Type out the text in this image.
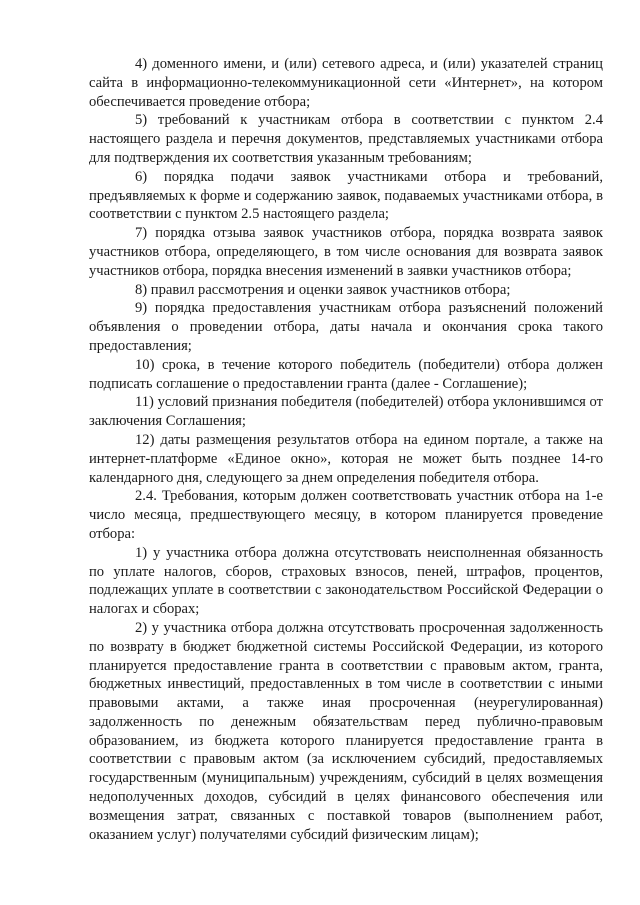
4) доменного имени, и (или) сетевого адреса, и (или) указателей страниц сайта в информационно-телекоммуникационной сети «Интернет», на котором обеспечивается проведение отбора;

5) требований к участникам отбора в соответствии с пунктом 2.4 настоящего раздела и перечня документов, представляемых участниками отбора для подтверждения их соответствия указанным требованиям;

6) порядка подачи заявок участниками отбора и требований, предъявляемых к форме и содержанию заявок, подаваемых участниками отбора, в соответствии с пунктом 2.5 настоящего раздела;

7) порядка отзыва заявок участников отбора, порядка возврата заявок участников отбора, определяющего, в том числе основания для возврата заявок участников отбора, порядка внесения изменений в заявки участников отбора;

8) правил рассмотрения и оценки заявок участников отбора;

9) порядка предоставления участникам отбора разъяснений положений объявления о проведении отбора, даты начала и окончания срока такого предоставления;

10) срока, в течение которого победитель (победители) отбора должен подписать соглашение о предоставлении гранта (далее - Соглашение);

11) условий признания победителя (победителей) отбора уклонившимся от заключения Соглашения;

12) даты размещения результатов отбора на едином портале, а также на интернет-платформе «Единое окно», которая не может быть позднее 14-го календарного дня, следующего за днем определения победителя отбора.

2.4. Требования, которым должен соответствовать участник отбора на 1-е число месяца, предшествующего месяцу, в котором планируется проведение отбора:

1) у участника отбора должна отсутствовать неисполненная обязанность по уплате налогов, сборов, страховых взносов, пеней, штрафов, процентов, подлежащих уплате в соответствии с законодательством Российской Федерации о налогах и сборах;

2) у участника отбора должна отсутствовать просроченная задолженность по возврату в бюджет бюджетной системы Российской Федерации, из которого планируется предоставление гранта в соответствии с правовым актом, гранта, бюджетных инвестиций, предоставленных в том числе в соответствии с иными правовыми актами, а также иная просроченная (неурегулированная) задолженность по денежным обязательствам перед публично-правовым образованием, из бюджета которого планируется предоставление гранта в соответствии с правовым актом (за исключением субсидий, предоставляемых государственным (муниципальным) учреждениям, субсидий в целях возмещения недополученных доходов, субсидий в целях финансового обеспечения или возмещения затрат, связанных с поставкой товаров (выполнением работ, оказанием услуг) получателями субсидий физическим лицам);
